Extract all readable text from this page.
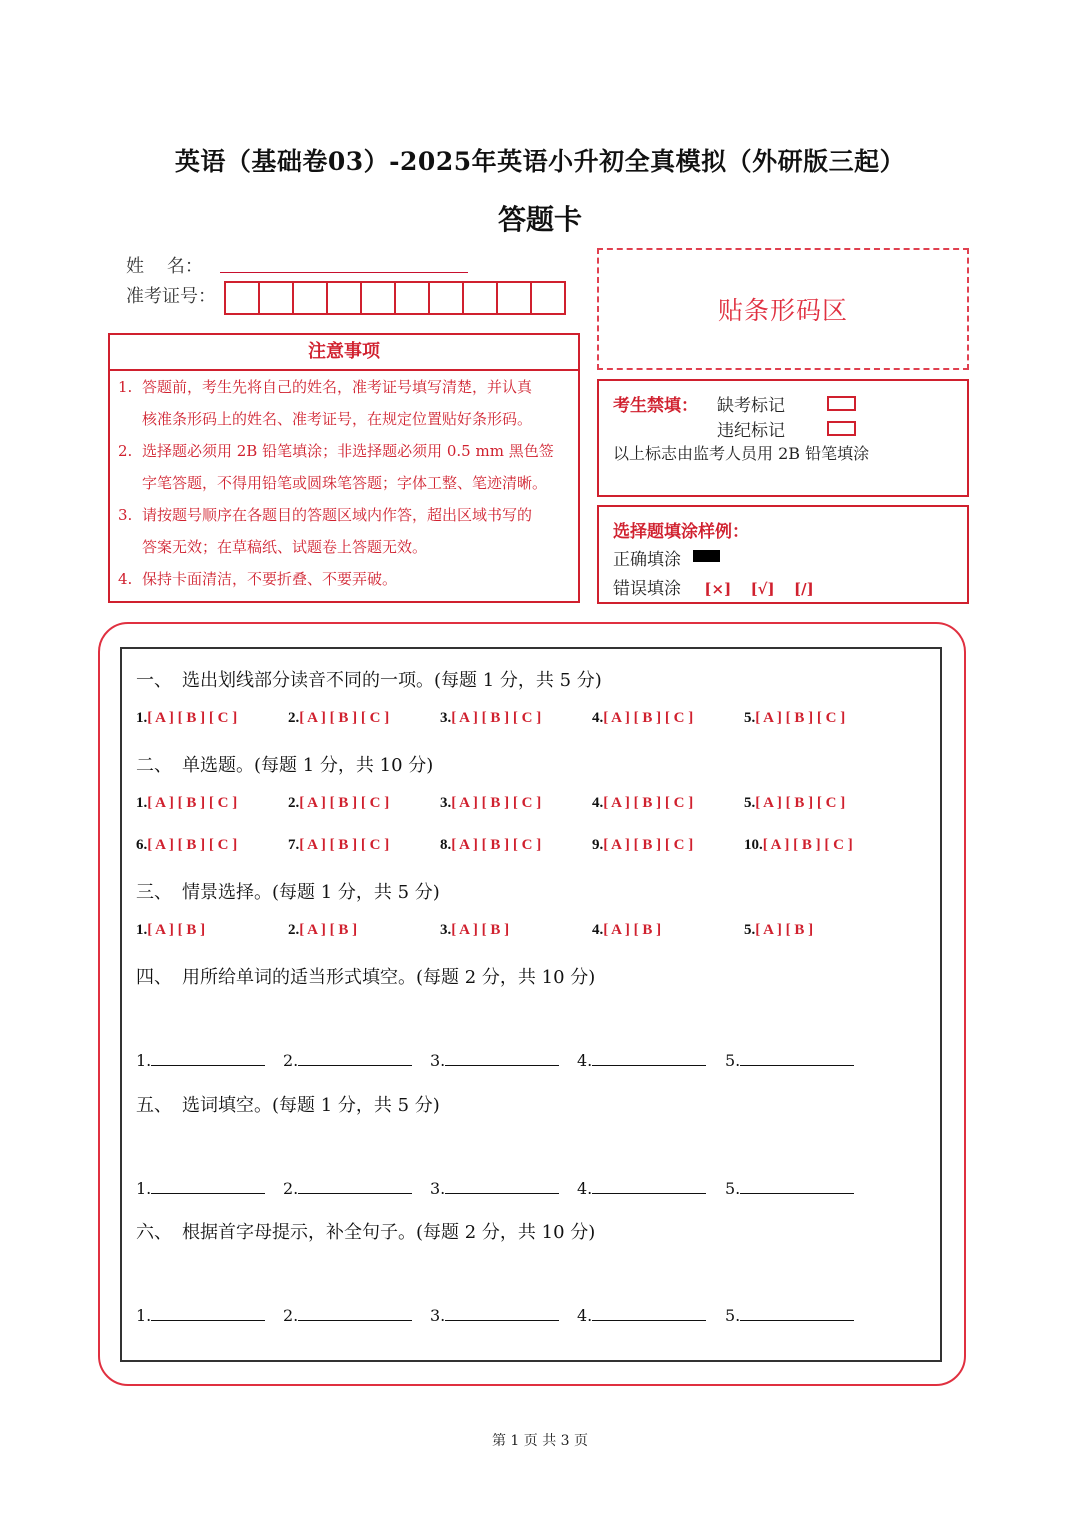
英语（基础卷03）-2025年英语小升初全真模拟（外研版三起）
答题卡
姓    名：
准考证号：	贴条形码区
注意事项
1. 答题前，考生先将自己的姓名，准考证号填写清楚，并认真
核准条形码上的姓名、准考证号，在规定位置贴好条形码。
2. 选择题必须用 2B 铅笔填涂；非选择题必须用 0.5 mm 黑色签
字笔答题，不得用铅笔或圆珠笔答题；字体工整、笔迹清晰。
3. 请按题号顺序在各题目的答题区域内作答，超出区域书写的
答案无效；在草稿纸、试题卷上答题无效。
4. 保持卡面清洁，不要折叠、不要弄破。
考生禁填： 缺考标记
违纪标记
以上标志由监考人员用 2B 铅笔填涂
选择题填涂样例：
正确填涂
错误填涂 [×] [√] [/]
一、 选出划线部分读音不同的一项。(每题 1 分，共 5 分)
1.[ A ] [ B ] [ C ]	2.[ A ] [ B ] [ C ]	3.[ A ] [ B ] [ C ]	4.[ A ] [ B ] [ C ]	5.[ A ] [ B ] [ C ]
二、 单选题。(每题 1 分，共 10 分)
1.[ A ] [ B ] [ C ]	2.[ A ] [ B ] [ C ]	3.[ A ] [ B ] [ C ]	4.[ A ] [ B ] [ C ]	5.[ A ] [ B ] [ C ]
6.[ A ] [ B ] [ C ]	7.[ A ] [ B ] [ C ]	8.[ A ] [ B ] [ C ]	9.[ A ] [ B ] [ C ]	10.[ A ] [ B ] [ C ]
三、 情景选择。(每题 1 分，共 5 分)
1.[ A ] [ B ]	2.[ A ] [ B ]	3.[ A ] [ B ]	4.[ A ] [ B ]	5.[ A ] [ B ]
四、 用所给单词的适当形式填空。(每题 2 分，共 10 分)
1.	2.	3.	4.	5.
五、 选词填空。(每题 1 分，共 5 分)
1.	2.	3.	4.	5.
六、 根据首字母提示，补全句子。(每题 2 分，共 10 分)
1.	2.	3.	4.	5.
第 1 页 共 3 页
